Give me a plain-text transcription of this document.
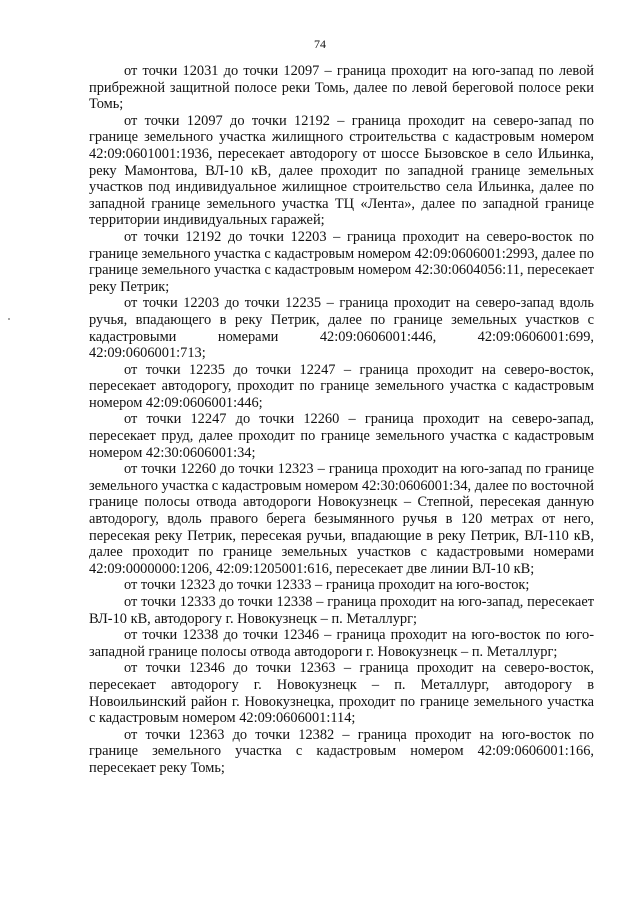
74

от точки 12031 до точки 12097 – граница проходит на юго-запад по левой прибрежной защитной полосе реки Томь, далее по левой береговой полосе реки Томь;

от точки 12097 до точки 12192 – граница проходит на северо-запад по границе земельного участка жилищного строительства с кадастровым номером 42:09:0601001:1936, пересекает автодорогу от шоссе Бызовское в село Ильинка, реку Мамонтова, ВЛ-10 кВ, далее проходит по западной границе земельных участков под индивидуальное жилищное строительство села Ильинка, далее по западной границе земельного участка ТЦ «Лента», далее по западной границе территории индивидуальных гаражей;

от точки 12192 до точки 12203 – граница проходит на северо-восток по границе земельного участка с кадастровым номером 42:09:0606001:2993, далее по границе земельного участка с кадастровым номером 42:30:0604056:11, пересекает реку Петрик;

от точки 12203 до точки 12235 – граница проходит на северо-запад вдоль ручья, впадающего в реку Петрик, далее по границе земельных участков с кадастровыми номерами 42:09:0606001:446, 42:09:0606001:699, 42:09:0606001:713;

от точки 12235 до точки 12247 – граница проходит на северо-восток, пересекает автодорогу, проходит по границе земельного участка с кадастровым номером 42:09:0606001:446;

от точки 12247 до точки 12260 – граница проходит на северо-запад, пересекает пруд, далее проходит по границе земельного участка с кадастровым номером 42:30:0606001:34;

от точки 12260 до точки 12323 – граница проходит на юго-запад по границе земельного участка с кадастровым номером 42:30:0606001:34, далее по восточной границе полосы отвода автодороги Новокузнецк – Степной, пересекая данную автодорогу, вдоль правого берега безымянного ручья в 120 метрах от него, пересекая реку Петрик, пересекая ручьи, впадающие в реку Петрик, ВЛ-110 кВ, далее проходит по границе земельных участков с кадастровыми номерами 42:09:0000000:1206, 42:09:1205001:616, пересекает две линии ВЛ-10 кВ;

от точки 12323 до точки 12333 – граница проходит на юго-восток;

от точки 12333 до точки 12338 – граница проходит на юго-запад, пересекает ВЛ-10 кВ, автодорогу г. Новокузнецк – п. Металлург;

от точки 12338 до точки 12346 – граница проходит на юго-восток по юго-западной границе полосы отвода автодороги г. Новокузнецк – п. Металлург;

от точки 12346 до точки 12363 – граница проходит на северо-восток, пересекает автодорогу г. Новокузнецк – п. Металлург, автодорогу в Новоильинский район г. Новокузнецка, проходит по границе земельного участка с кадастровым номером 42:09:0606001:114;

от точки 12363 до точки 12382 – граница проходит на юго-восток по границе земельного участка с кадастровым номером 42:09:0606001:166, пересекает реку Томь;
